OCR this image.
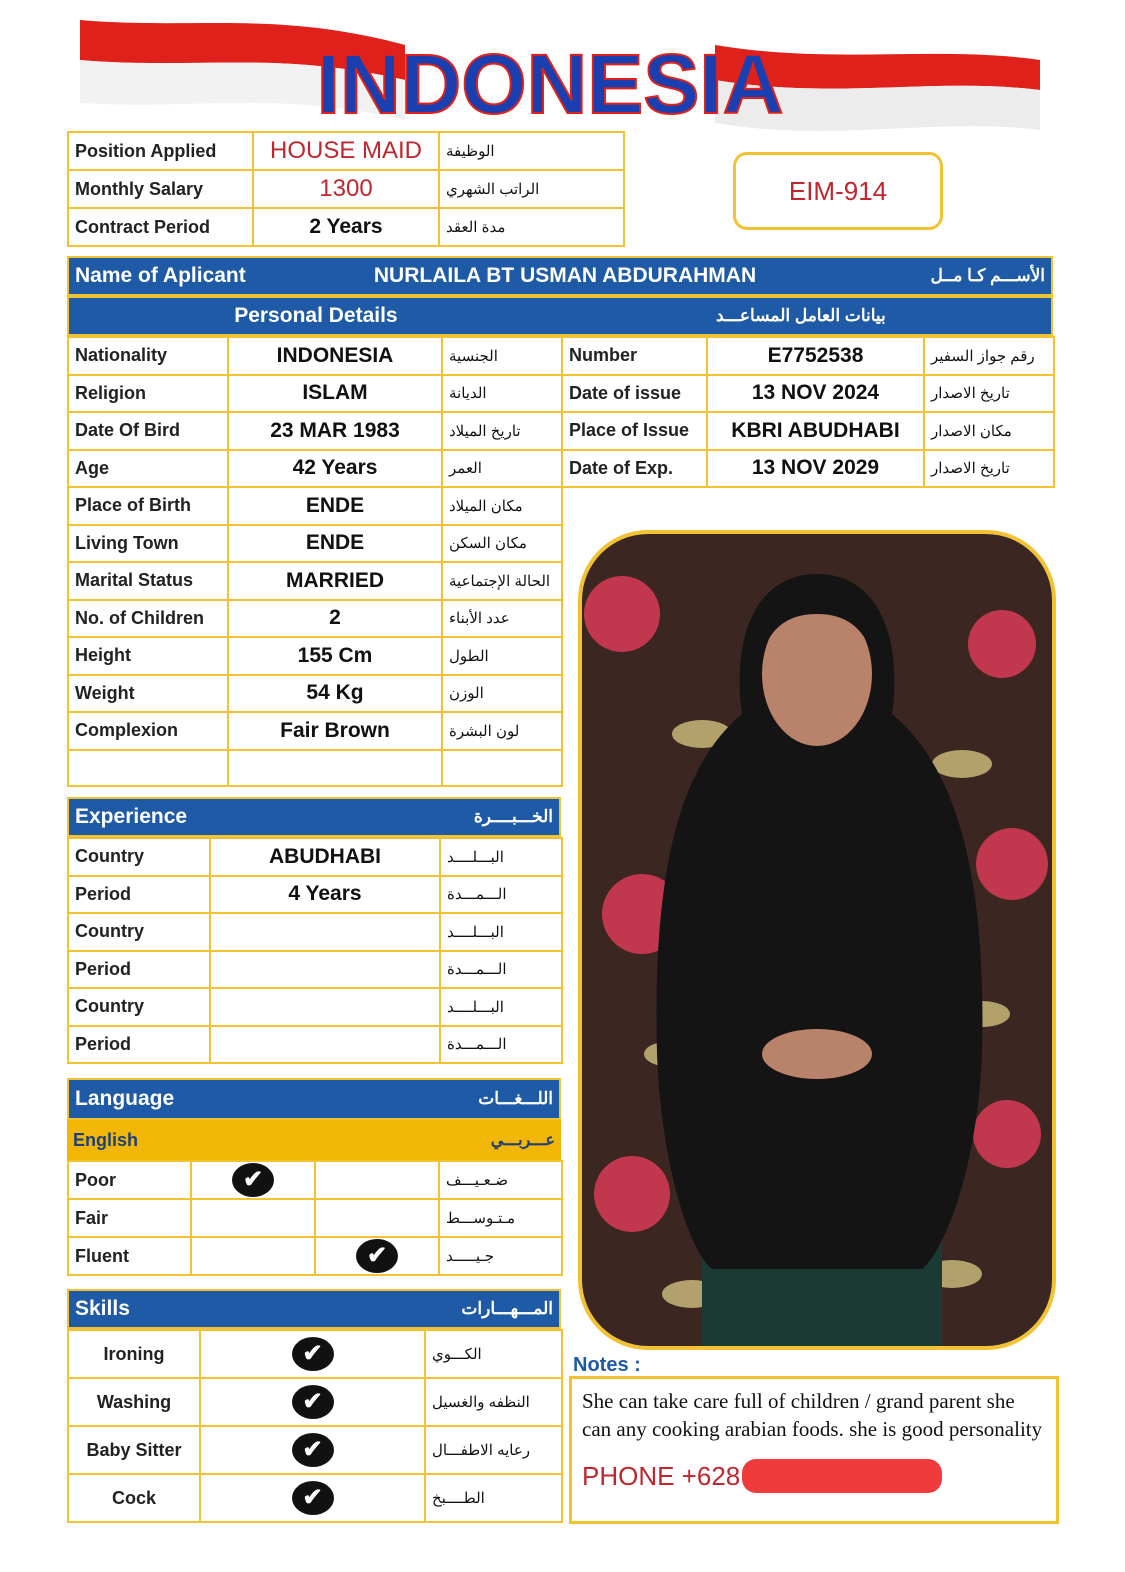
INDONESIA
Position Applied	HOUSE MAID	الوظيفة
Monthly Salary	1300	الراتب الشهري
Contract Period	2 Years	مدة العقد
EIM-914
Name of Aplicant	NURLAILA BT USMAN ABDURAHMAN	الأســـم كـا مــل
Personal Details	بيانات العامل المساعـــد
Nationality	INDONESIA	الجنسية
Religion	ISLAM	الديانة
Date Of Bird	23 MAR 1983	تاريخ الميلاد
Age	42 Years	العمر
Place of Birth	ENDE	مكان الميلاد
Living Town	ENDE	مكان السكن
Marital Status	MARRIED	الحالة الإجتماعية
No. of Children	2	عدد الأبناء
Height	155 Cm	الطول
Weight	54 Kg	الوزن
Complexion	Fair Brown	لون البشرة

Number	E7752538	رقم جواز السفير
Date of issue	13 NOV 2024	تاريخ الاصدار
Place of Issue	KBRI ABUDHABI	مكان الاصدار
Date of Exp.	13 NOV 2029	تاريخ الاصدار
Experience	الخـــبــــرة
Country	ABUDHABI	البـــلــــد
Period	4 Years	الـــمـــدة
Country		البـــلــــد
Period		الـــمـــدة
Country		البـــلــــد
Period		الـــمـــدة
Language	اللـــغـــات
English	عـــربـــي
Poor	✔		ضـعـيـــف
Fair			مـتـوســـط
Fluent		✔	جـيـــــد
Skills	المـــهـــارات
Ironing	✔	الكـــوي
Washing	✔	النظفه والغسيل
Baby Sitter	✔	رعايه الاطفـــال
Cock	✔	الطــــبخ
Notes :
She can take care full of children / grand parent she can any cooking arabian foods. she is good personality
PHONE +628
